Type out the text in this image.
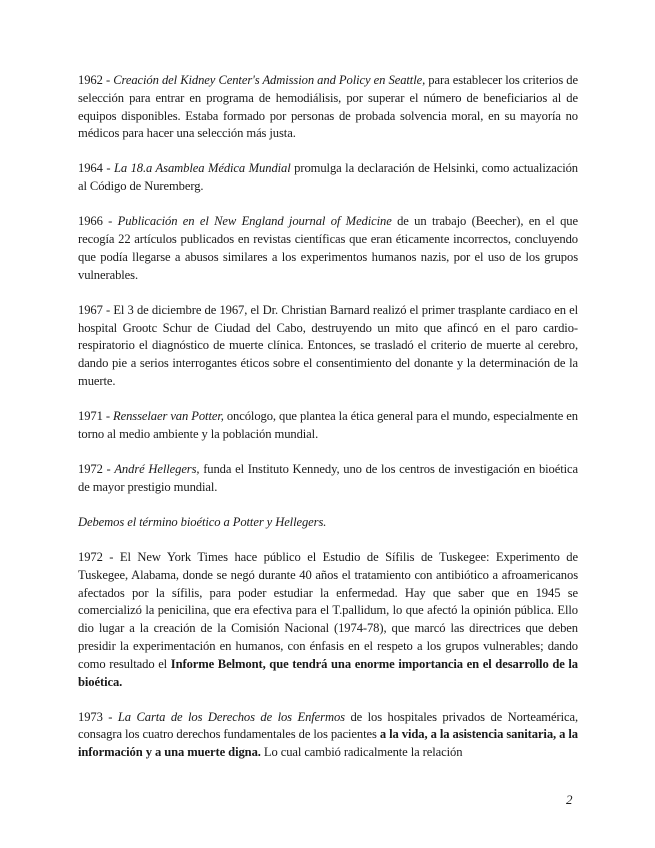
1962 - Creación del Kidney Center's Admission and Policy en Seattle, para establecer los criterios de selección para entrar en programa de hemodiálisis, por superar el número de beneficiarios al de equipos disponibles. Estaba formado por personas de probada solvencia moral, en su mayoría no médicos para hacer una selección más justa.

1964 - La 18.a Asamblea Médica Mundial promulga la declaración de Helsinki, como actualización al Código de Nuremberg.

1966 - Publicación en el New England journal of Medicine de un trabajo (Beecher), en el que recogía 22 artículos publicados en revistas científicas que eran éticamente incorrectos, concluyendo que podía llegarse a abusos similares a los experimentos humanos nazis, por el uso de los grupos vulnerables.

1967 - El 3 de diciembre de 1967, el Dr. Christian Barnard realizó el primer trasplante cardiaco en el hospital Grootc Schur de Ciudad del Cabo, destruyendo un mito que afincó en el paro cardio-respiratorio el diagnóstico de muerte clínica. Entonces, se trasladó el criterio de muerte al cerebro, dando pie a serios interrogantes éticos sobre el consentimiento del donante y la determinación de la muerte.

1971 - Rensselaer van Potter, oncólogo, que plantea la ética general para el mundo, especialmente en torno al medio ambiente y la población mundial.

1972 - André Hellegers, funda el Instituto Kennedy, uno de los centros de investigación en bioética de mayor prestigio mundial.

Debemos el término bioético a Potter y Hellegers.

1972 - El New York Times hace público el Estudio de Sífilis de Tuskegee: Experimento de Tuskegee, Alabama, donde se negó durante 40 años el tratamiento con antibiótico a afroamericanos afectados por la sífilis, para poder estudiar la enfermedad. Hay que saber que en 1945 se comercializó la penicilina, que era efectiva para el T.pallidum, lo que afectó la opinión pública. Ello dio lugar a la creación de la Comisión Nacional (1974-78), que marcó las directrices que deben presidir la experimentación en humanos, con énfasis en el respeto a los grupos vulnerables; dando como resultado el Informe Belmont, que tendrá una enorme importancia en el desarrollo de la bioética.

1973 - La Carta de los Derechos de los Enfermos de los hospitales privados de Norteamérica, consagra los cuatro derechos fundamentales de los pacientes a la vida, a la asistencia sanitaria, a la información y a una muerte digna. Lo cual cambió radicalmente la relación

2
